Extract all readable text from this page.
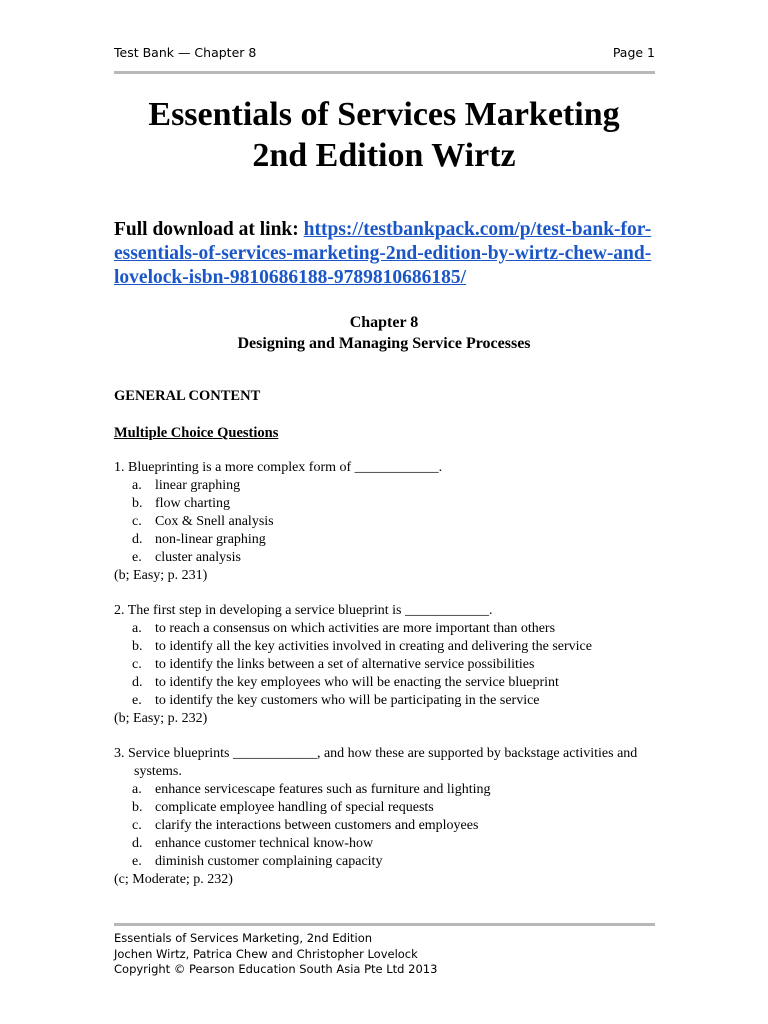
Test Bank — Chapter 8	Page 1
Essentials of Services Marketing
2nd Edition Wirtz
Full download at link: https://testbankpack.com/p/test-bank-for-essentials-of-services-marketing-2nd-edition-by-wirtz-chew-and-lovelock-isbn-9810686188-9789810686185/
Chapter 8
Designing and Managing Service Processes
GENERAL CONTENT
Multiple Choice Questions

1. Blueprinting is a more complex form of ____________.

a. linear graphing
b. flow charting
c. Cox & Snell analysis
d. non-linear graphing
e. cluster analysis

(b; Easy; p. 231)

2. The first step in developing a service blueprint is ____________.

a. to reach a consensus on which activities are more important than others
b. to identify all the key activities involved in creating and delivering the service
c. to identify the links between a set of alternative service possibilities
d. to identify the key employees who will be enacting the service blueprint
e. to identify the key customers who will be participating in the service

(b; Easy; p. 232)

3. Service blueprints ____________, and how these are supported by backstage activities and systems.

a. enhance servicescape features such as furniture and lighting
b. complicate employee handling of special requests
c. clarify the interactions between customers and employees
d. enhance customer technical know-how
e. diminish customer complaining capacity

(c; Moderate; p. 232)

Essentials of Services Marketing, 2nd Edition
Jochen Wirtz, Patrica Chew and Christopher Lovelock
Copyright © Pearson Education South Asia Pte Ltd 2013
